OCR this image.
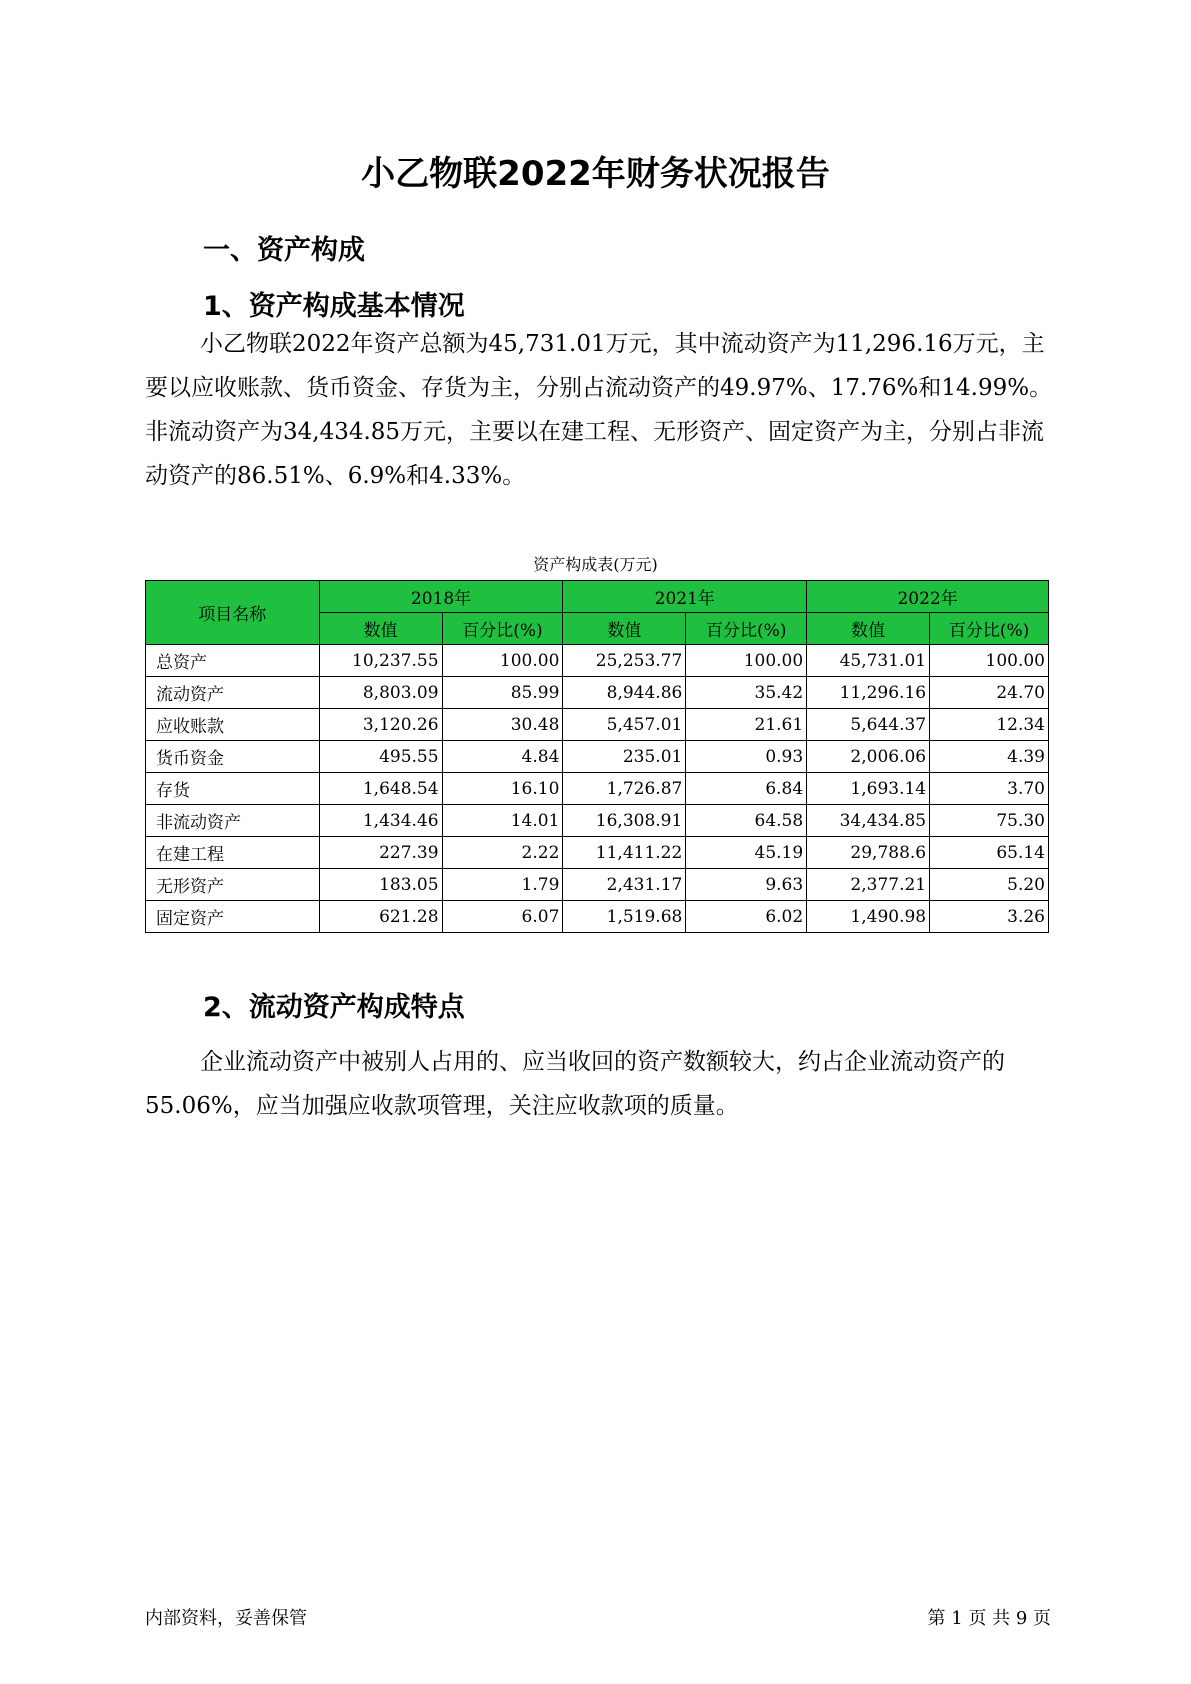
小乙物联2022年财务状况报告
一、资产构成
1、资产构成基本情况

小乙物联2022年资产总额为45,731.01万元，其中流动资产为11,296.16万元，主要以应收账款、货币资金、存货为主，分别占流动资产的49.97%、17.76%和14.99%。非流动资产为34,434.85万元，主要以在建工程、无形资产、固定资产为主，分别占非流动资产的86.51%、6.9%和4.33%。

资产构成表(万元)
项目名称	2018年		2021年		2022年	
	数值	百分比(%)	数值	百分比(%)	数值	百分比(%)
总资产	10,237.55	100.00	25,253.77	100.00	45,731.01	100.00
流动资产	8,803.09	85.99	8,944.86	35.42	11,296.16	24.70
应收账款	3,120.26	30.48	5,457.01	21.61	5,644.37	12.34
货币资金	495.55	4.84	235.01	0.93	2,006.06	4.39
存货	1,648.54	16.10	1,726.87	6.84	1,693.14	3.70
非流动资产	1,434.46	14.01	16,308.91	64.58	34,434.85	75.30
在建工程	227.39	2.22	11,411.22	45.19	29,788.6	65.14
无形资产	183.05	1.79	2,431.17	9.63	2,377.21	5.20
固定资产	621.28	6.07	1,519.68	6.02	1,490.98	3.26
2、流动资产构成特点

企业流动资产中被别人占用的、应当收回的资产数额较大，约占企业流动资产的55.06%，应当加强应收款项管理，关注应收款项的质量。

内部资料，妥善保管	第 1 页 共 9 页
